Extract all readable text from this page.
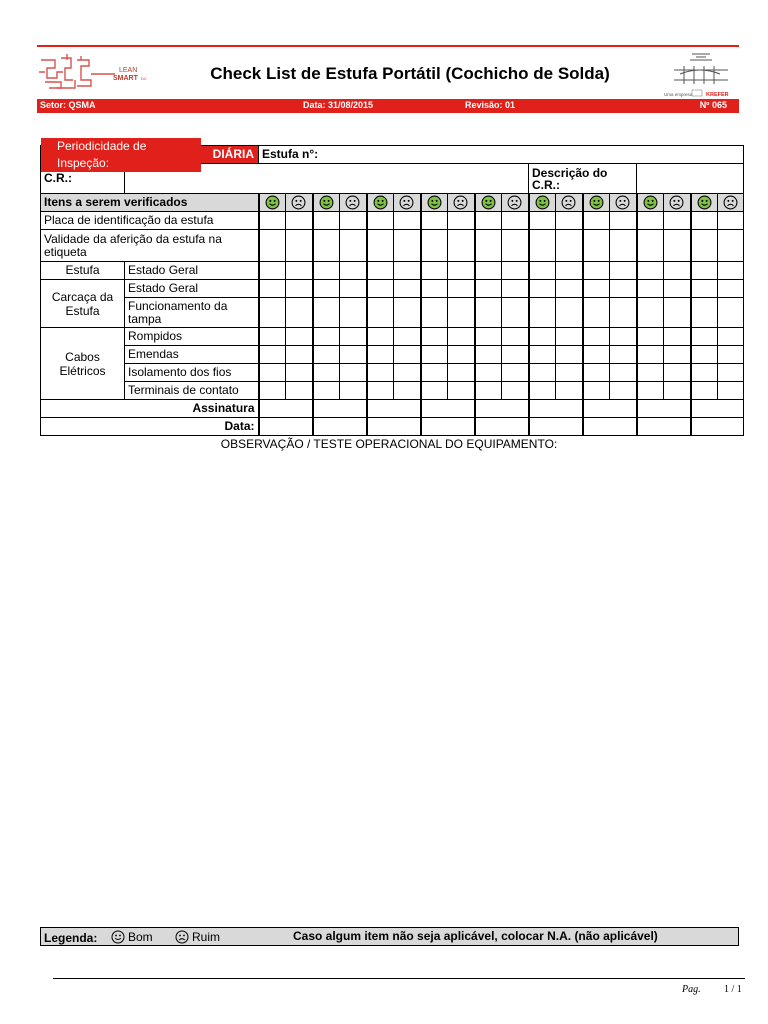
LEAN
SMART DC	Check List de Estufa Portátil (Cochicho de Solda)
Uma empresa KREFER
Setor: QSMA	Data: 31/08/2015	Revisão: 01	Nº 065
Periodicidade de Inspeção:
DIÁRIA		Estufa n°:																	
C.R.:												Descrição do C.R.:							
Itens a serem verificados	

Placa de identificação da estufa																			
Validade da aferição da estufa na etiqueta																			
Estufa	Estado Geral																		
Carcaça da Estufa	Estado Geral																		
	Funcionamento da tampa																		
Cabos Elétricos	Rompidos																		
	Emendas																		
	Isolamento dos fios																		
	Terminais de contato																		
Assinatura																			
Data:																			
OBSERVAÇÃO / TESTE OPERACIONAL DO EQUIPAMENTO:
Legenda:	Bom	Ruim	Caso algum item não seja aplicável, colocar N.A. (não aplicável)
Pag. 1 / 1
